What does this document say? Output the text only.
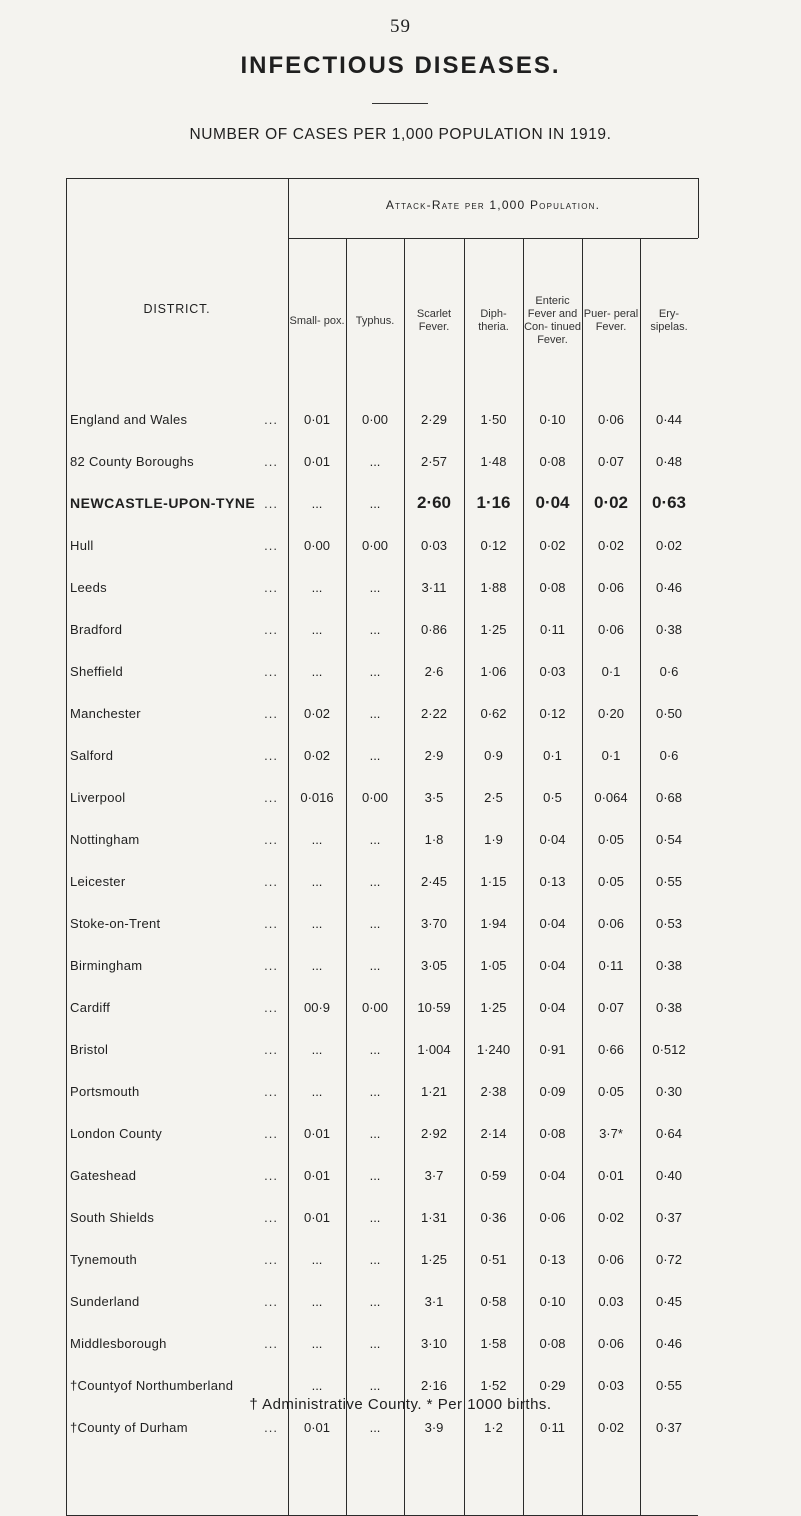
59
INFECTIOUS DISEASES.
NUMBER OF CASES PER 1,000 POPULATION IN 1919.
Attack-Rate per 1,000 Population.
DISTRICT.
Small- pox.	Typhus.
Scarlet Fever.
Diph- theria.
Enteric Fever and Con- tinued Fever.
Puer- peral Fever.
Ery- sipelas.
England and Wales ...	0·01	0·00	2·29	1·50	0·10	0·06	0·44
82 County Boroughs ...	0·01	...	2·57	1·48	0·08	0·07	0·48
NEWCASTLE-UPON-TYNE ...	...	...	2·60	1·16	0·04	0·02	0·63
Hull ...	0·00	0·00	0·03	0·12	0·02	0·02	0·02
Leeds ...	...	...	3·11	1·88	0·08	0·06	0·46
Bradford ...	...	...	0·86	1·25	0·11	0·06	0·38
Sheffield ...	...	...	2·6	1·06	0·03	0·1	0·6
Manchester ...	0·02	...	2·22	0·62	0·12	0·20	0·50
Salford ...	0·02	...	2·9	0·9	0·1	0·1	0·6
Liverpool ...	0·016	0·00	3·5	2·5	0·5	0·064	0·68
Nottingham ...	...	...	1·8	1·9	0·04	0·05	0·54
Leicester ...	...	...	2·45	1·15	0·13	0·05	0·55
Stoke-on-Trent ...	...	...	3·70	1·94	0·04	0·06	0·53
Birmingham ...	...	...	3·05	1·05	0·04	0·11	0·38
Cardiff ...	00·9	0·00	10·59	1·25	0·04	0·07	0·38
Bristol ...	...	...	1·004	1·240	0·91	0·66	0·512
Portsmouth ...	...	...	1·21	2·38	0·09	0·05	0·30
London County ...	0·01	...	2·92	2·14	0·08	3·7*	0·64
Gateshead ...	0·01	...	3·7	0·59	0·04	0·01	0·40
South Shields ...	0·01	...	1·31	0·36	0·06	0·02	0·37
Tynemouth ...	...	...	1·25	0·51	0·13	0·06	0·72
Sunderland ...	...	...	3·1	0·58	0·10	0.03	0·45
Middlesborough ...	...	...	3·10	1·58	0·08	0·06	0·46
†Countyof Northumberland	...	...	2·16	1·52	0·29	0·03	0·55
†County of Durham ...	0·01	...	3·9	1·2	0·11	0·02	0·37
† Administrative County. * Per 1000 births.
